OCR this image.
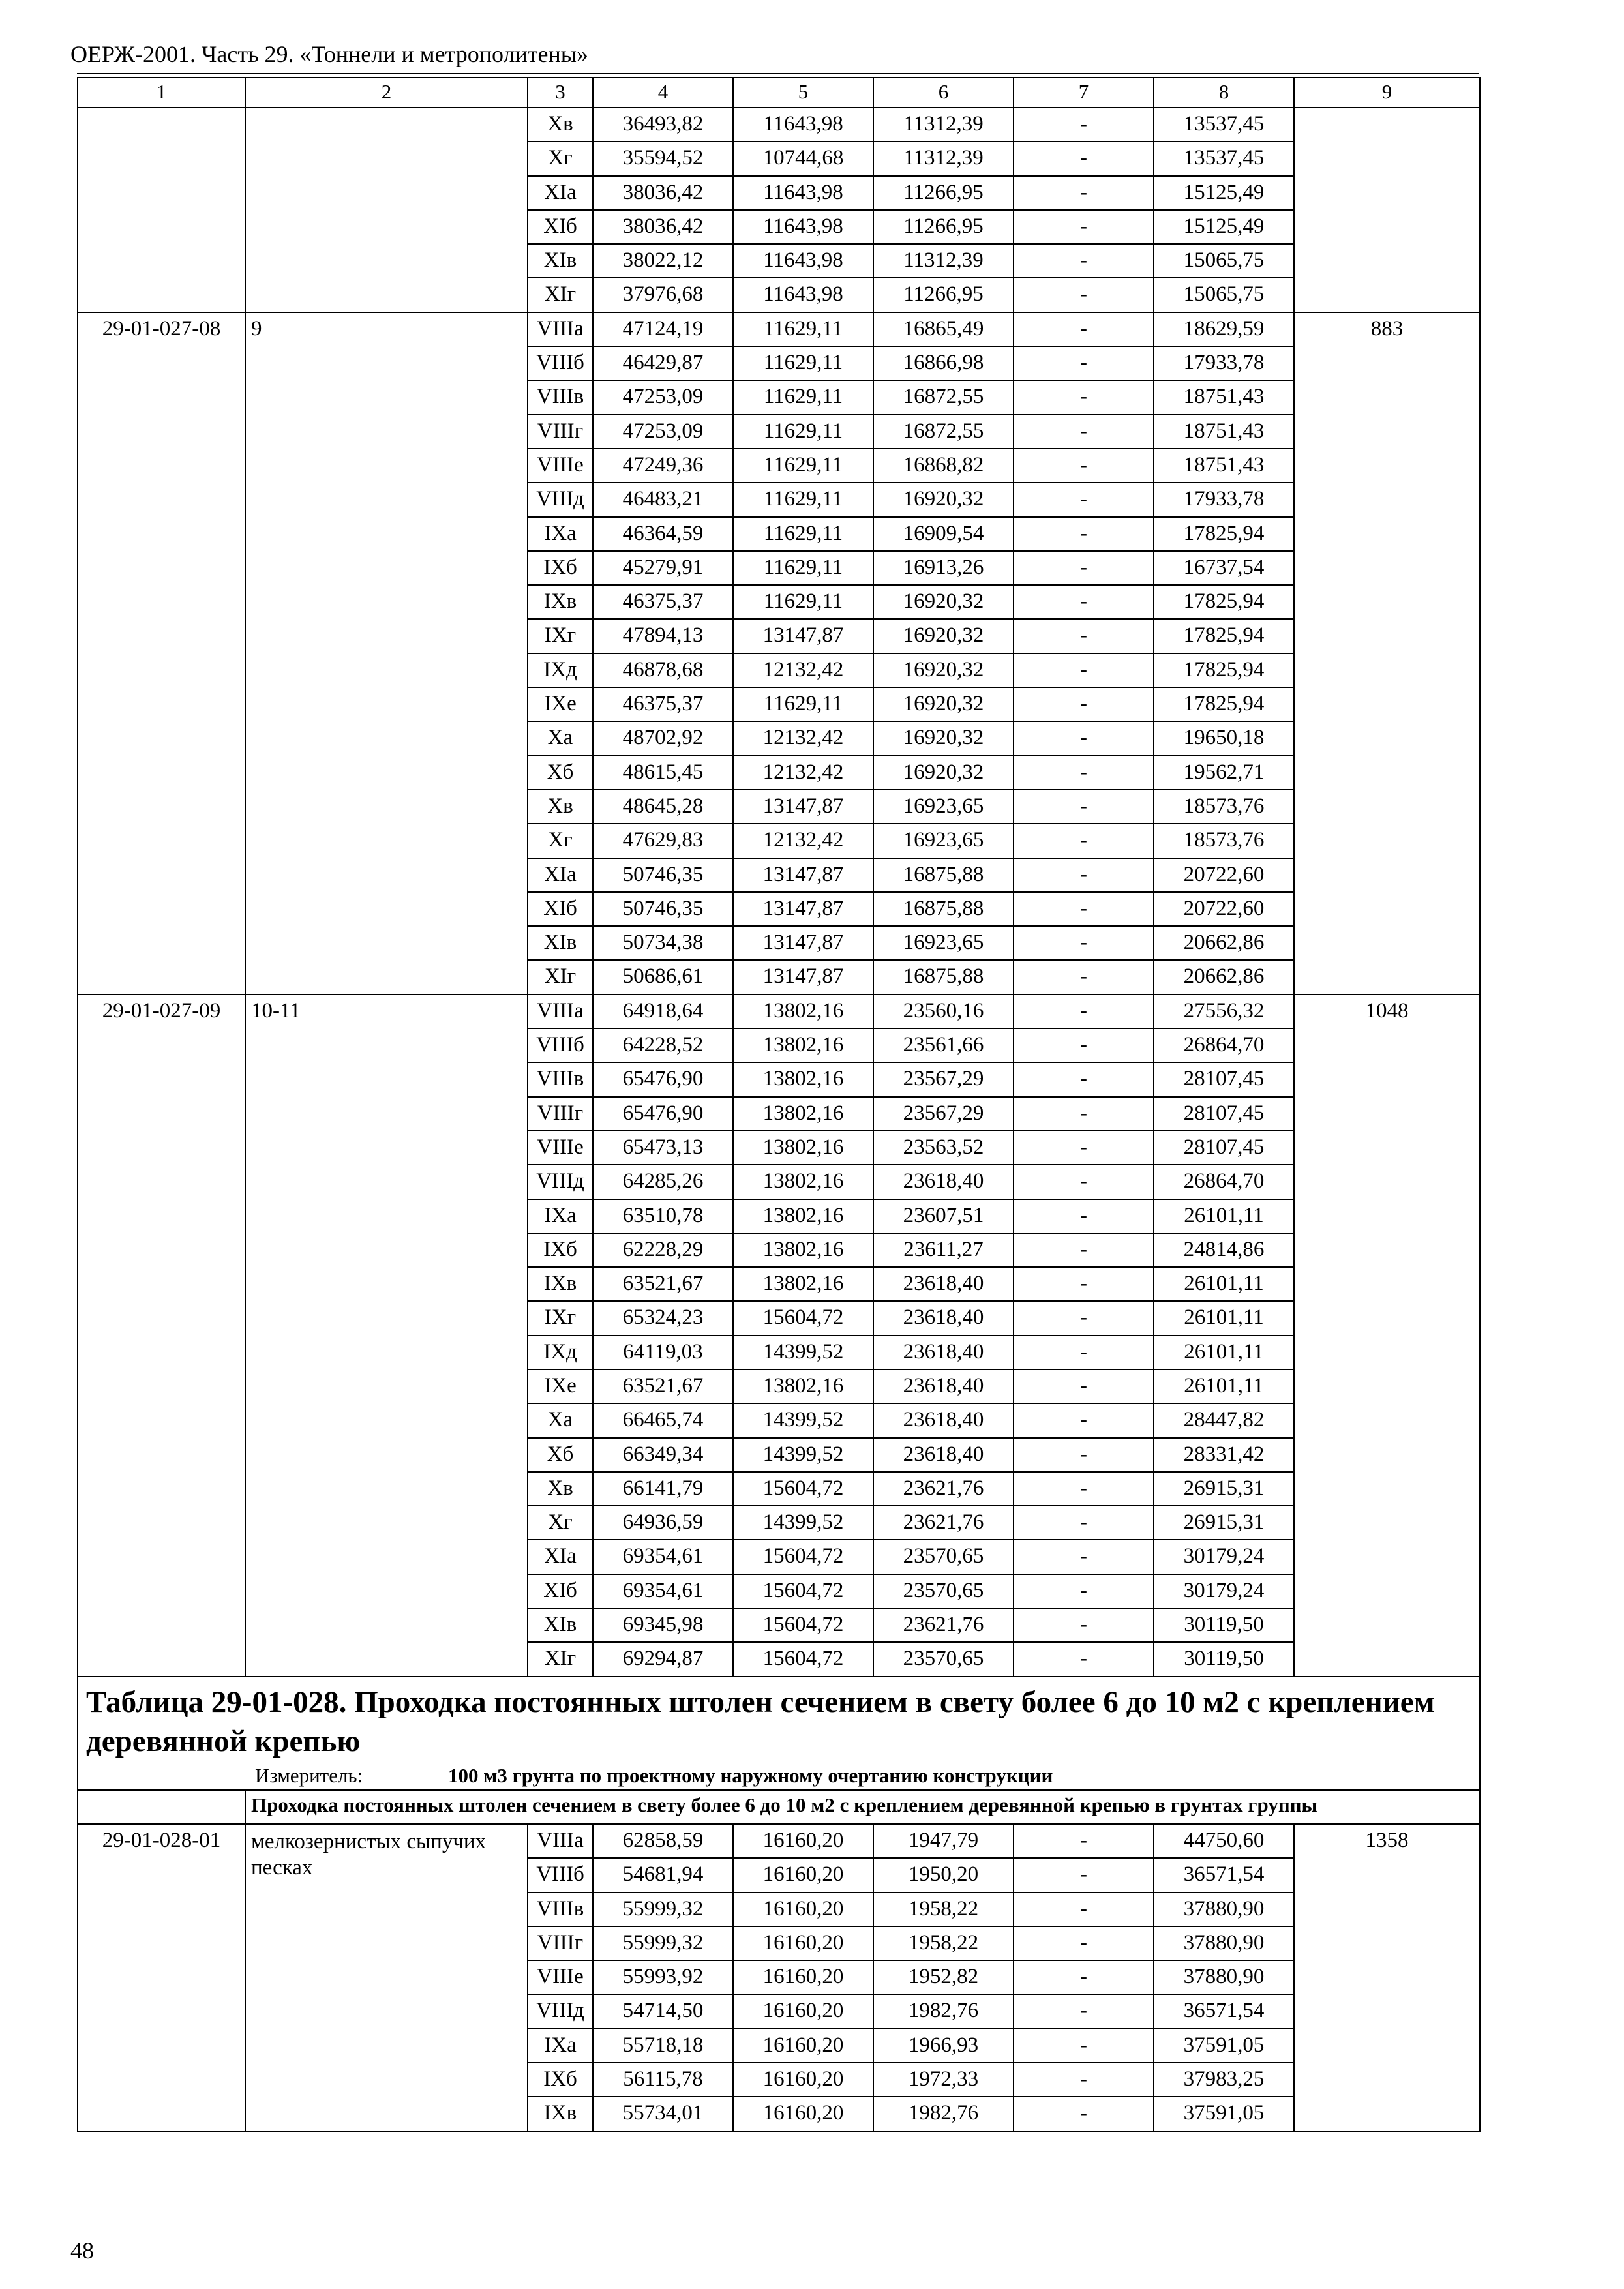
ОЕРЖ-2001. Часть 29. «Тоннели и метрополитены»
1	2	3	4	5	6	7	8	9
		Хв	36493,82	11643,98	11312,39	-	13537,45	
		Хг	35594,52	10744,68	11312,39	-	13537,45	
		ХIа	38036,42	11643,98	11266,95	-	15125,49	
		ХIб	38036,42	11643,98	11266,95	-	15125,49	
		ХIв	38022,12	11643,98	11312,39	-	15065,75	
		ХIг	37976,68	11643,98	11266,95	-	15065,75	
29-01-027-08	9	VIIIа	47124,19	11629,11	16865,49	-	18629,59	883
		VIIIб	46429,87	11629,11	16866,98	-	17933,78	
		VIIIв	47253,09	11629,11	16872,55	-	18751,43	
		VIIIг	47253,09	11629,11	16872,55	-	18751,43	
		VIIIе	47249,36	11629,11	16868,82	-	18751,43	
		VIIIд	46483,21	11629,11	16920,32	-	17933,78	
		IХа	46364,59	11629,11	16909,54	-	17825,94	
		IХб	45279,91	11629,11	16913,26	-	16737,54	
		IХв	46375,37	11629,11	16920,32	-	17825,94	
		IХг	47894,13	13147,87	16920,32	-	17825,94	
		IХд	46878,68	12132,42	16920,32	-	17825,94	
		IХе	46375,37	11629,11	16920,32	-	17825,94	
		Ха	48702,92	12132,42	16920,32	-	19650,18	
		Хб	48615,45	12132,42	16920,32	-	19562,71	
		Хв	48645,28	13147,87	16923,65	-	18573,76	
		Хг	47629,83	12132,42	16923,65	-	18573,76	
		ХIа	50746,35	13147,87	16875,88	-	20722,60	
		ХIб	50746,35	13147,87	16875,88	-	20722,60	
		ХIв	50734,38	13147,87	16923,65	-	20662,86	
		ХIг	50686,61	13147,87	16875,88	-	20662,86	
29-01-027-09	10-11	VIIIа	64918,64	13802,16	23560,16	-	27556,32	1048
		VIIIб	64228,52	13802,16	23561,66	-	26864,70	
		VIIIв	65476,90	13802,16	23567,29	-	28107,45	
		VIIIг	65476,90	13802,16	23567,29	-	28107,45	
		VIIIе	65473,13	13802,16	23563,52	-	28107,45	
		VIIIд	64285,26	13802,16	23618,40	-	26864,70	
		IХа	63510,78	13802,16	23607,51	-	26101,11	
		IХб	62228,29	13802,16	23611,27	-	24814,86	
		IХв	63521,67	13802,16	23618,40	-	26101,11	
		IХг	65324,23	15604,72	23618,40	-	26101,11	
		IХд	64119,03	14399,52	23618,40	-	26101,11	
		IХе	63521,67	13802,16	23618,40	-	26101,11	
		Ха	66465,74	14399,52	23618,40	-	28447,82	
		Хб	66349,34	14399,52	23618,40	-	28331,42	
		Хв	66141,79	15604,72	23621,76	-	26915,31	
		Хг	64936,59	14399,52	23621,76	-	26915,31	
		ХIа	69354,61	15604,72	23570,65	-	30179,24	
		ХIб	69354,61	15604,72	23570,65	-	30179,24	
		ХIв	69345,98	15604,72	23621,76	-	30119,50	
		ХIг	69294,87	15604,72	23570,65	-	30119,50	
Таблица 29-01-028. Проходка постоянных штолен сечением в свету более 6 до 10 м2 с креплением деревянной крепью								
Измеритель: 100 м3 грунта по проектному наружному очертанию конструкции								
	Проходка постоянных штолен сечением в свету более 6 до 10 м2 с креплением деревянной крепью в грунтах группы							
29-01-028-01	мелкозернистых сыпучих песках	VIIIа	62858,59	16160,20	1947,79	-	44750,60	1358
		VIIIб	54681,94	16160,20	1950,20	-	36571,54	
		VIIIв	55999,32	16160,20	1958,22	-	37880,90	
		VIIIг	55999,32	16160,20	1958,22	-	37880,90	
		VIIIе	55993,92	16160,20	1952,82	-	37880,90	
		VIIIд	54714,50	16160,20	1982,76	-	36571,54	
		IХа	55718,18	16160,20	1966,93	-	37591,05	
		IХб	56115,78	16160,20	1972,33	-	37983,25	
		IХв	55734,01	16160,20	1982,76	-	37591,05	
48
